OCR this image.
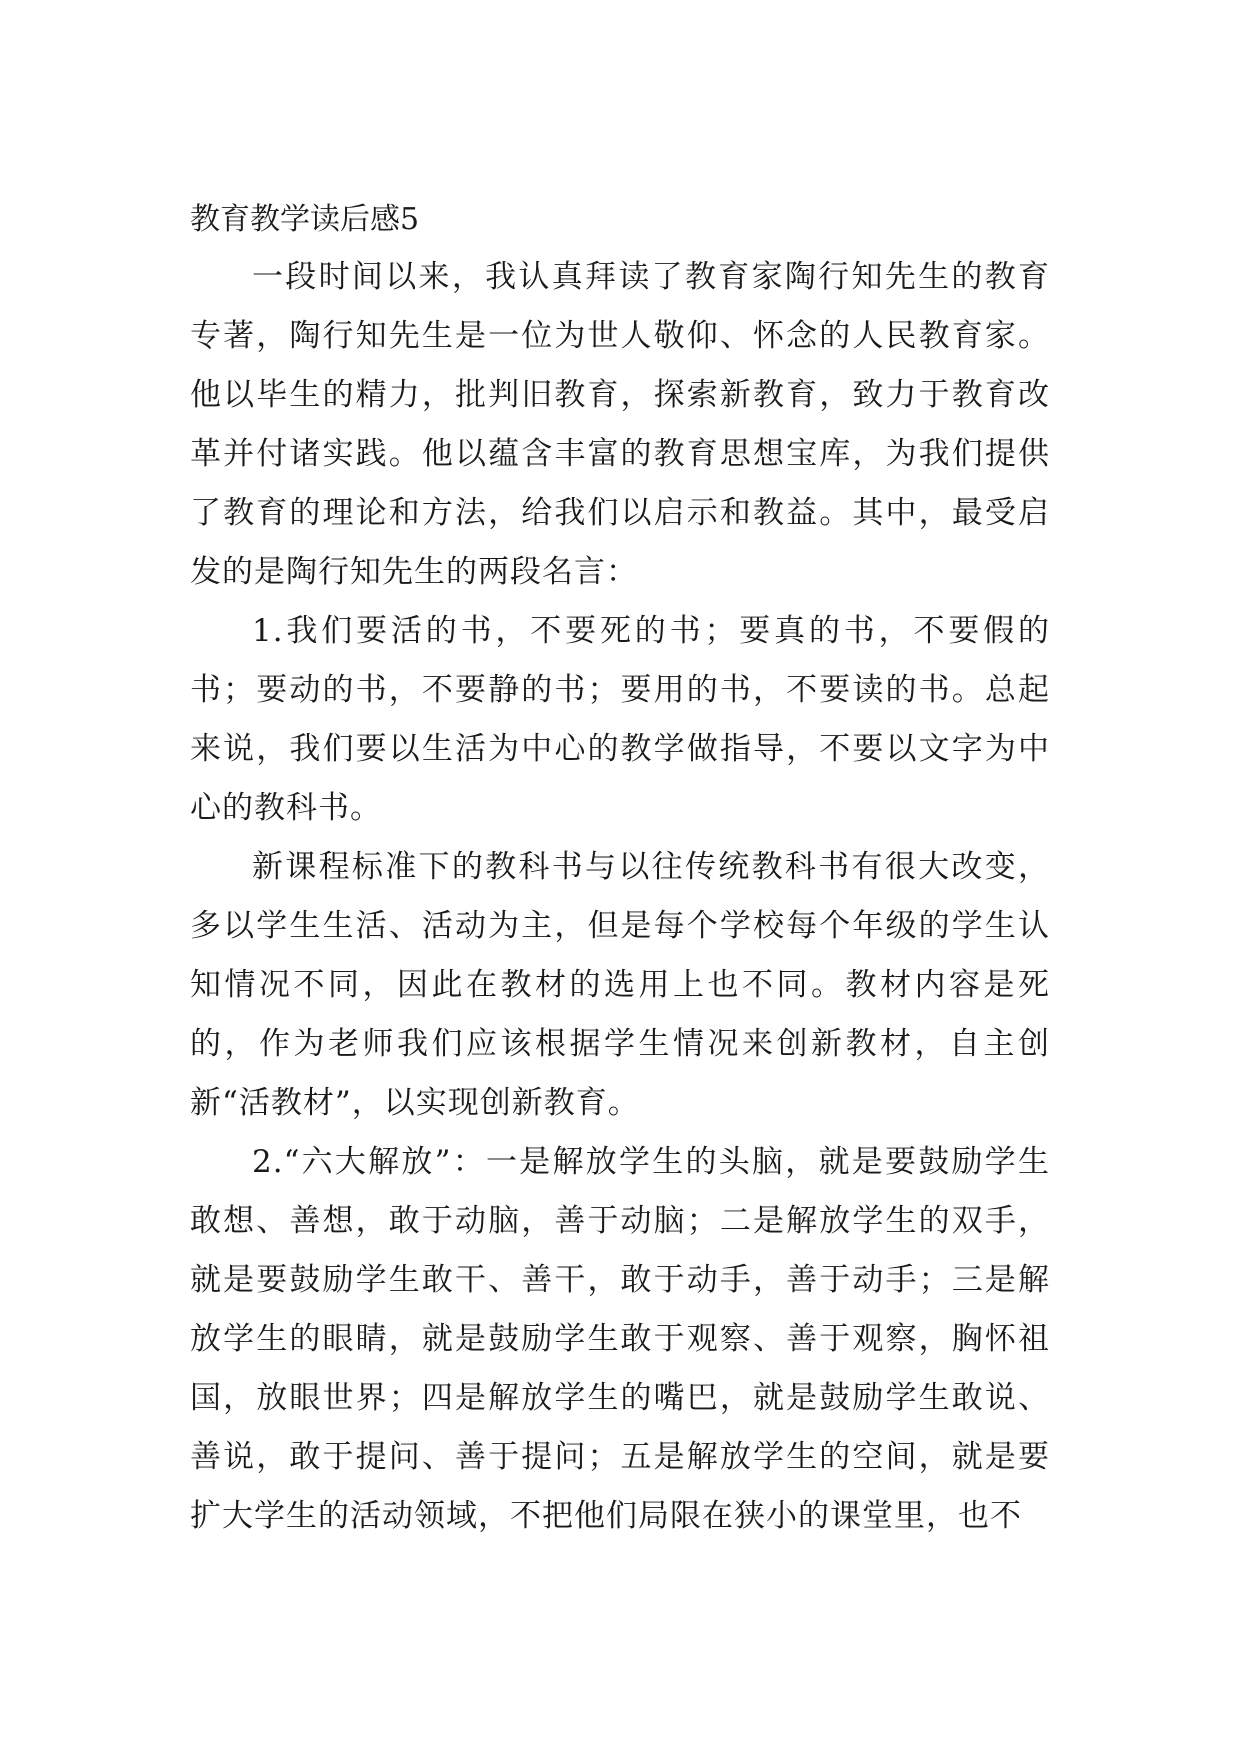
教育教学读后感5

一段时间以来，我认真拜读了教育家陶行知先生的教育专著，陶行知先生是一位为世人敬仰、怀念的人民教育家。他以毕生的精力，批判旧教育，探索新教育，致力于教育改革并付诸实践。他以蕴含丰富的教育思想宝库，为我们提供了教育的理论和方法，给我们以启示和教益。其中，最受启发的是陶行知先生的两段名言：

1.我们要活的书，不要死的书；要真的书，不要假的书；要动的书，不要静的书；要用的书，不要读的书。总起来说，我们要以生活为中心的教学做指导，不要以文字为中心的教科书。

新课程标准下的教科书与以往传统教科书有很大改变，多以学生生活、活动为主，但是每个学校每个年级的学生认知情况不同，因此在教材的选用上也不同。教材内容是死的，作为老师我们应该根据学生情况来创新教材，自主创新“活教材”，以实现创新教育。

2.“六大解放”：一是解放学生的头脑，就是要鼓励学生敢想、善想，敢于动脑，善于动脑；二是解放学生的双手，就是要鼓励学生敢干、善干，敢于动手，善于动手；三是解放学生的眼睛，就是鼓励学生敢于观察、善于观察，胸怀祖国，放眼世界；四是解放学生的嘴巴，就是鼓励学生敢说、善说，敢于提问、善于提问；五是解放学生的空间，就是要扩大学生的活动领域，不把他们局限在狭小的课堂里，也不
